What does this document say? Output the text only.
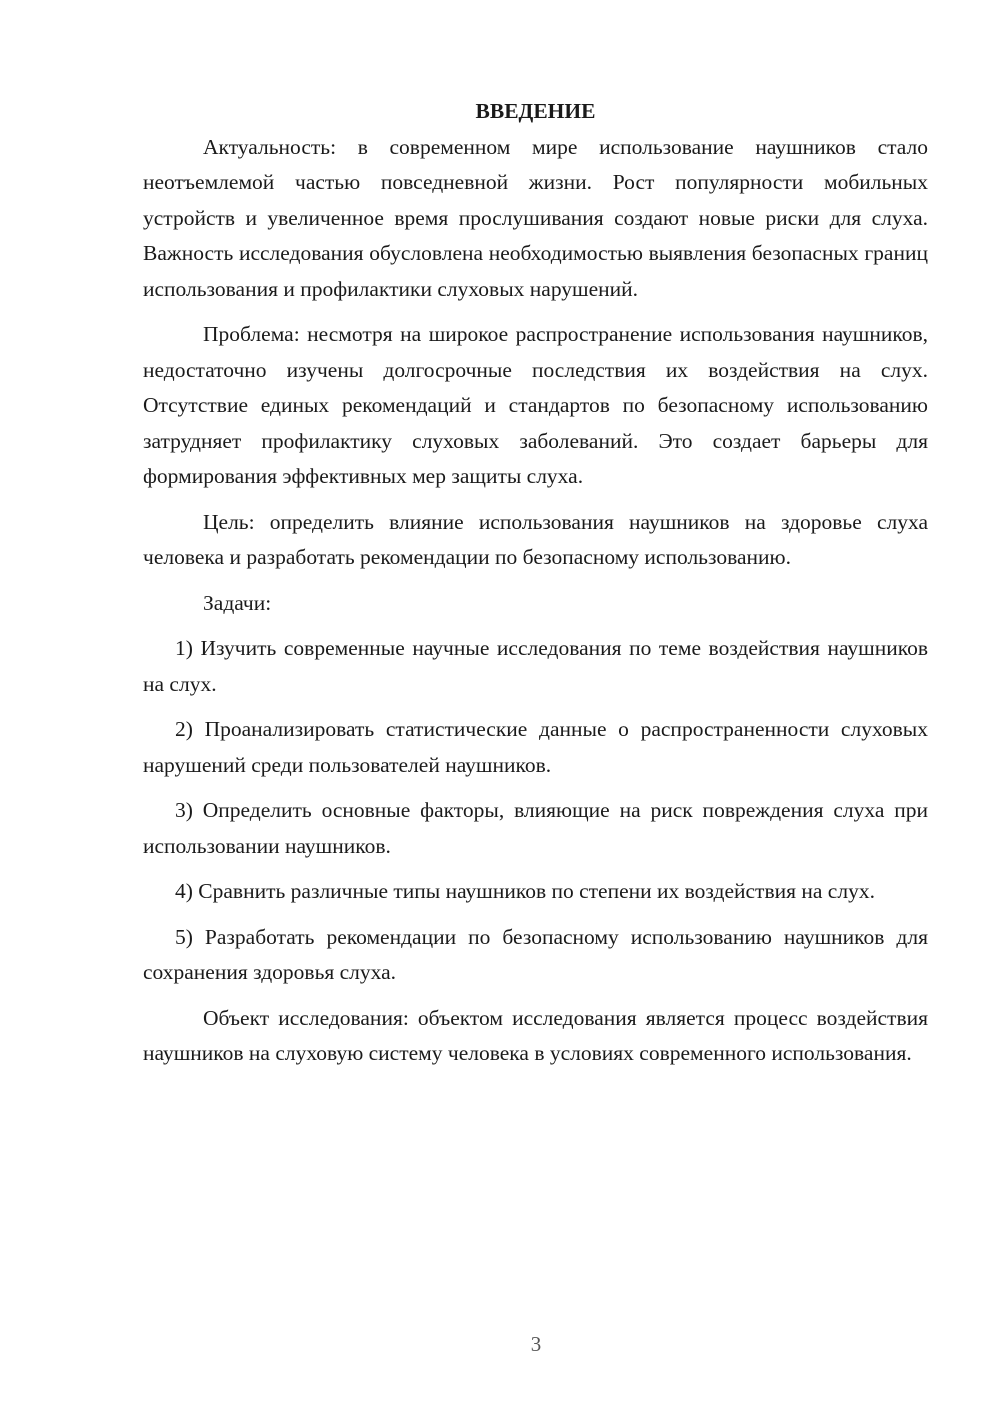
ВВЕДЕНИЕ

Актуальность: в современном мире использование наушников стало неотъемлемой частью повседневной жизни. Рост популярности мобильных устройств и увеличенное время прослушивания создают новые риски для слуха. Важность исследования обусловлена необходимостью выявления безопасных границ использования и профилактики слуховых нарушений.

Проблема: несмотря на широкое распространение использования наушников, недостаточно изучены долгосрочные последствия их воздействия на слух. Отсутствие единых рекомендаций и стандартов по безопасному использованию затрудняет профилактику слуховых заболеваний. Это создает барьеры для формирования эффективных мер защиты слуха.

Цель: определить влияние использования наушников на здоровье слуха человека и разработать рекомендации по безопасному использованию.

Задачи:

1) Изучить современные научные исследования по теме воздействия наушников на слух.

2) Проанализировать статистические данные о распространенности слуховых нарушений среди пользователей наушников.

3) Определить основные факторы, влияющие на риск повреждения слуха при использовании наушников.

4) Сравнить различные типы наушников по степени их воздействия на слух.

5) Разработать рекомендации по безопасному использованию наушников для сохранения здоровья слуха.

Объект исследования: объектом исследования является процесс воздействия наушников на слуховую систему человека в условиях современного использования.

3
